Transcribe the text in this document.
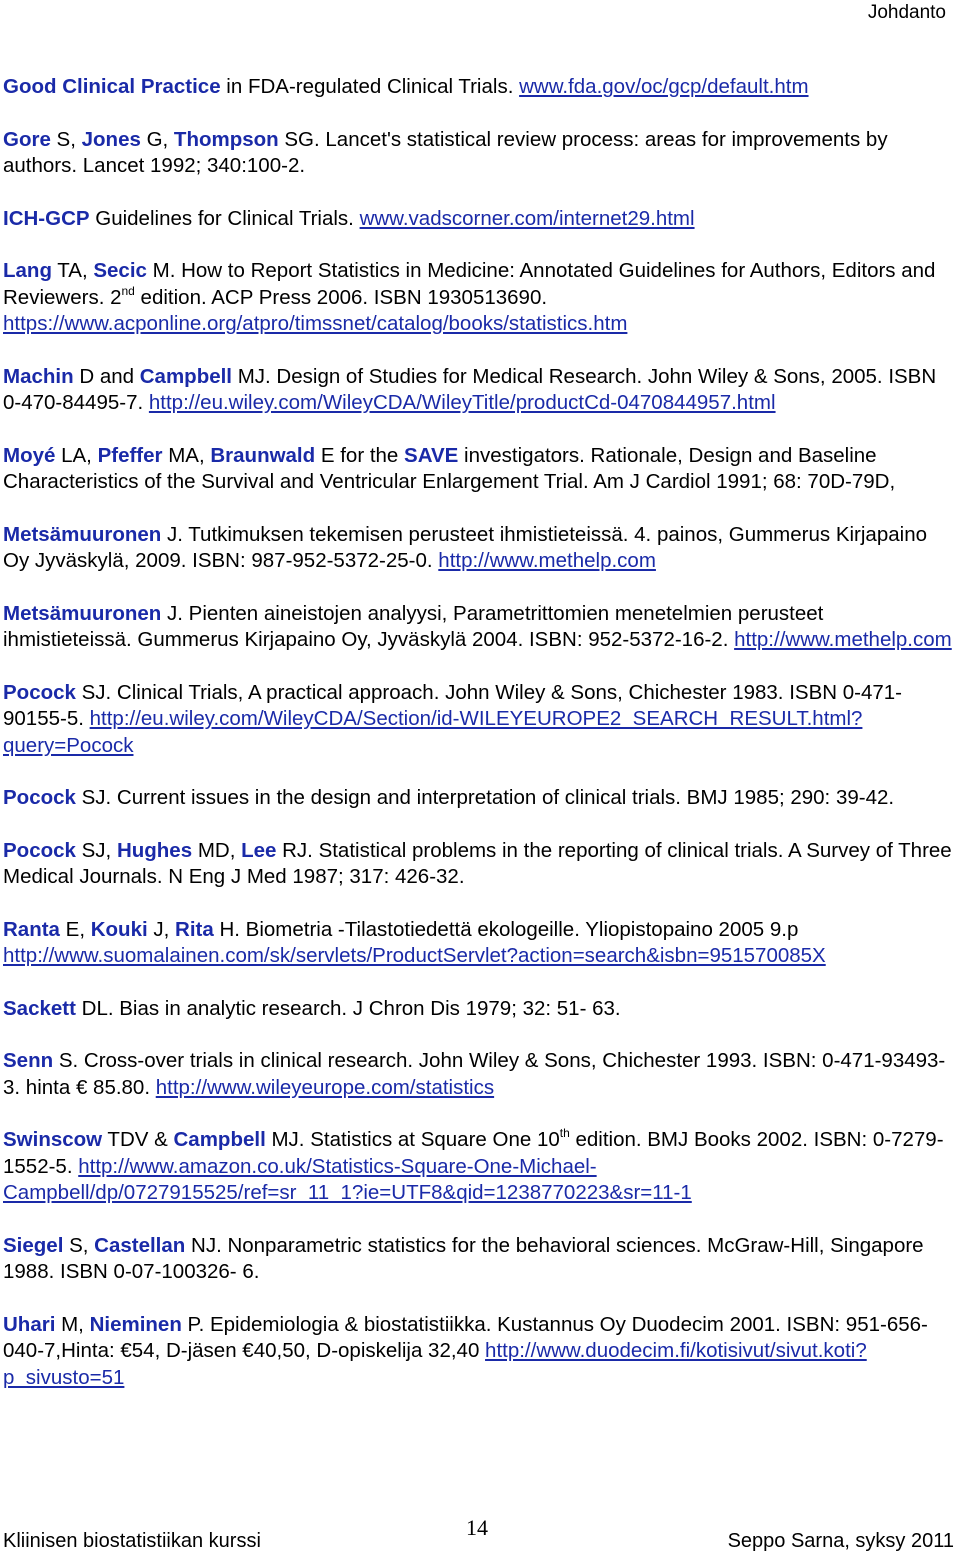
Johdanto

Good Clinical Practice in FDA-regulated Clinical Trials. www.fda.gov/oc/gcp/default.htm

Gore S, Jones G, Thompson SG. Lancet's statistical review process: areas for improvements by authors. Lancet 1992; 340:100-2.

ICH-GCP Guidelines for Clinical Trials. www.vadscorner.com/internet29.html

Lang TA, Secic M. How to Report Statistics in Medicine: Annotated Guidelines for Authors, Editors and Reviewers. 2nd edition. ACP Press 2006. ISBN 1930513690. https://www.acponline.org/atpro/timssnet/catalog/books/statistics.htm

Machin D and Campbell MJ. Design of Studies for Medical Research. John Wiley & Sons, 2005. ISBN 0-470-84495-7. http://eu.wiley.com/WileyCDA/WileyTitle/productCd-0470844957.html

Moyé LA, Pfeffer MA, Braunwald E for the SAVE investigators. Rationale, Design and Baseline Characteristics of the Survival and Ventricular Enlargement Trial. Am J Cardiol 1991; 68: 70D-79D,

Metsämuuronen J. Tutkimuksen tekemisen perusteet ihmistieteissä. 4. painos, Gummerus Kirjapaino Oy Jyväskylä, 2009. ISBN: 987-952-5372-25-0. http://www.methelp.com

Metsämuuronen J. Pienten aineistojen analyysi, Parametrittomien menetelmien perusteet ihmistieteissä. Gummerus Kirjapaino Oy, Jyväskylä 2004. ISBN: 952-5372-16-2. http://www.methelp.com

Pocock SJ. Clinical Trials, A practical approach. John Wiley & Sons, Chichester 1983. ISBN 0-471-90155-5. http://eu.wiley.com/WileyCDA/Section/id-WILEYEUROPE2_SEARCH_RESULT.html?query=Pocock

Pocock SJ. Current issues in the design and interpretation of clinical trials. BMJ 1985; 290: 39-42.

Pocock SJ, Hughes MD, Lee RJ. Statistical problems in the reporting of clinical trials. A Survey of Three Medical Journals. N Eng J Med 1987; 317: 426-32.

Ranta E, Kouki J, Rita H. Biometria -Tilastotiedettä ekologeille. Yliopistopaino 2005 9.p http://www.suomalainen.com/sk/servlets/ProductServlet?action=search&isbn=951570085X

Sackett DL. Bias in analytic research. J Chron Dis 1979; 32: 51- 63.

Senn S. Cross-over trials in clinical research. John Wiley & Sons, Chichester 1993. ISBN: 0-471-93493-3. hinta € 85.80. http://www.wileyeurope.com/statistics

Swinscow TDV & Campbell MJ. Statistics at Square One 10th edition. BMJ Books 2002. ISBN: 0-7279-1552-5. http://www.amazon.co.uk/Statistics-Square-One-Michael-Campbell/dp/0727915525/ref=sr_11_1?ie=UTF8&qid=1238770223&sr=11-1

Siegel S, Castellan NJ. Nonparametric statistics for the behavioral sciences. McGraw-Hill, Singapore 1988. ISBN 0-07-100326- 6.

Uhari M, Nieminen P. Epidemiologia & biostatistiikka. Kustannus Oy Duodecim 2001. ISBN: 951-656-040-7,Hinta: €54, D-jäsen €40,50, D-opiskelija 32,40 http://www.duodecim.fi/kotisivut/sivut.koti?p_sivusto=51

14
Kliinisen biostatistiikan kurssi	Seppo Sarna, syksy 2011
